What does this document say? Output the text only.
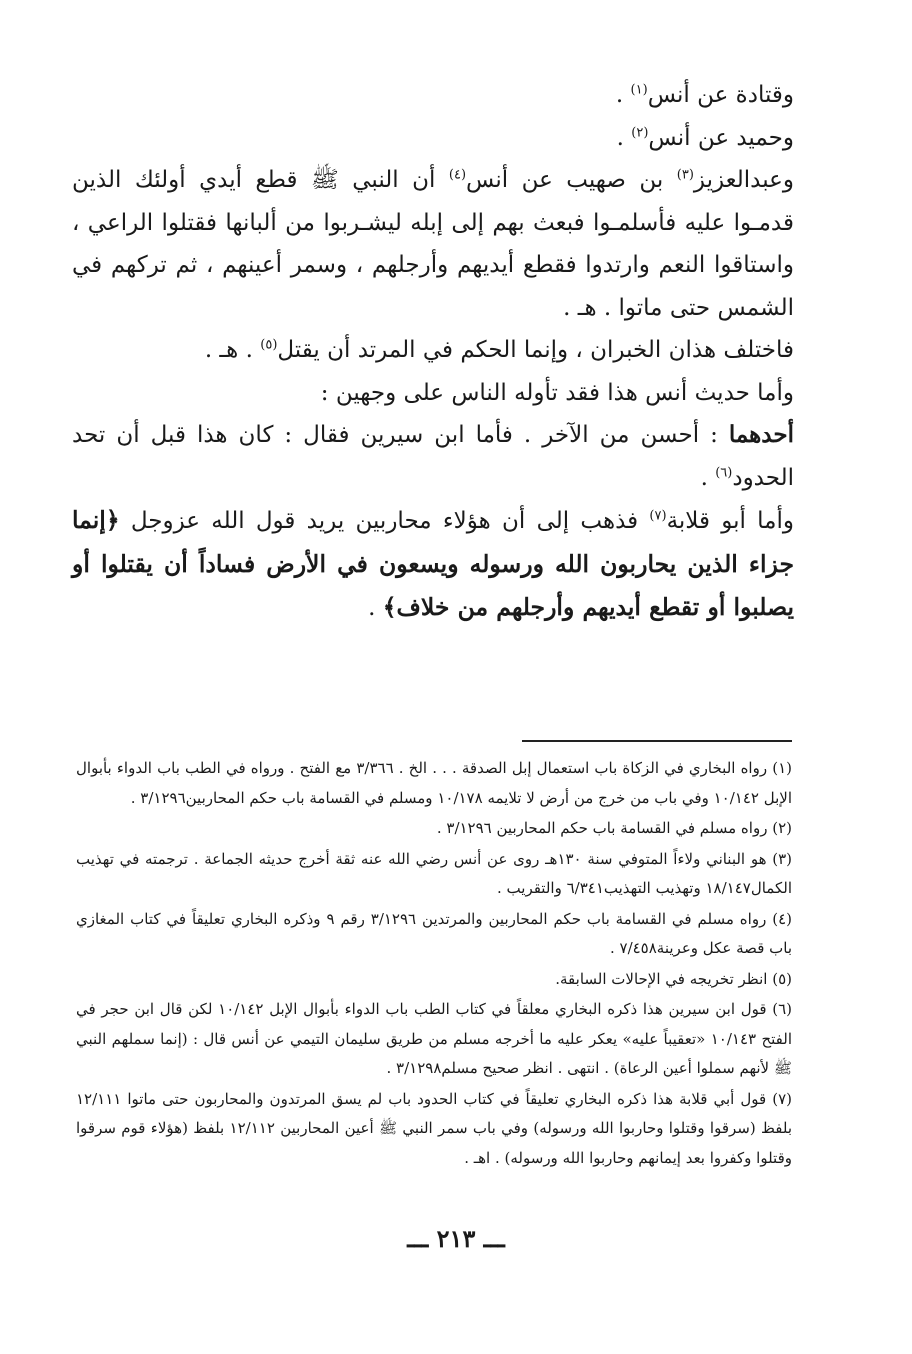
وقتادة عن أنس$^{(١)}$ .

وحميد عن أنس$^{(٢)}$ .

وعبدالعزيز$^{(٣)}$ بن صهيب عن أنس$^{(٤)}$ أن النبي ﷺ قطع أيدي أولئك الذين قدمـوا عليه فأسلمـوا فبعث بهم إلى إبله ليشـربوا من ألبانها فقتلوا الراعي ، واستاقوا النعم وارتدوا فقطع أيديهم وأرجلهم ، وسمر أعينهم ، ثم تركهم في الشمس حتى ماتوا . هـ .

فاختلف هذان الخبران ، وإنما الحكم في المرتد أن يقتل$^{(٥)}$ . هـ .

وأما حديث أنس هذا فقد تأوله الناس على وجهين :

أحدهما : أحسن من الآخر . فأما ابن سيرين فقال : كان هذا قبل أن تحد الحدود$^{(٦)}$ .

وأما أبو قلابة$^{(٧)}$ فذهب إلى أن هؤلاء محاربين يريد قول الله عزوجل ﴿إنما جزاء الذين يحاربون الله ورسوله ويسعون في الأرض فساداً أن يقتلوا أو يصلبوا أو تقطع أيديهم وأرجلهم من خلاف﴾ .

(١) رواه البخاري في الزكاة باب استعمال إبل الصدقة . . . الخ . ٣/٣٦٦ مع الفتح . ورواه في الطب باب الدواء بأبوال الإبل ١٠/١٤٢ وفي باب من خرج من أرض لا تلايمه ١٠/١٧٨ ومسلم في القسامة باب حكم المحاربين٣/١٢٩٦ .

(٢) رواه مسلم في القسامة باب حكم المحاربين ٣/١٢٩٦ .

(٣) هو البناني ولاءاً المتوفي سنة ١٣٠هـ روى عن أنس رضي الله عنه ثقة أخرج حديثه الجماعة . ترجمته في تهذيب الكمال١٨/١٤٧ وتهذيب التهذيب٦/٣٤١ والتقريب .

(٤) رواه مسلم في القسامة باب حكم المحاربين والمرتدين ٣/١٢٩٦ رقم ٩ وذكره البخاري تعليقاً في كتاب المغازي باب قصة عكل وعرينة٧/٤٥٨ .

(٥) انظر تخريجه في الإحالات السابقة.

(٦) قول ابن سيرين هذا ذكره البخاري معلقاً في كتاب الطب باب الدواء بأبوال الإبل ١٠/١٤٢ لكن قال ابن حجر في الفتح ١٠/١٤٣ «تعقيباً عليه» يعكر عليه ما أخرجه مسلم من طريق سليمان التيمي عن أنس قال : (إنما سملهم النبي ﷺ لأنهم سملوا أعين الرعاة) . انتهى . انظر صحيح مسلم٣/١٢٩٨ .

(٧) قول أبي قلابة هذا ذكره البخاري تعليقاً في كتاب الحدود باب لم يسق المرتدون والمحاربون حتى ماتوا ١٢/١١١ بلفظ (سرقوا وقتلوا وحاربوا الله ورسوله) وفي باب سمر النبي ﷺ أعين المحاربين ١٢/١١٢ بلفظ (هؤلاء قوم سرقوا وقتلوا وكفروا بعد إيمانهم وحاربوا الله ورسوله) . اهـ .

ـــ ٢١٣ ـــ
